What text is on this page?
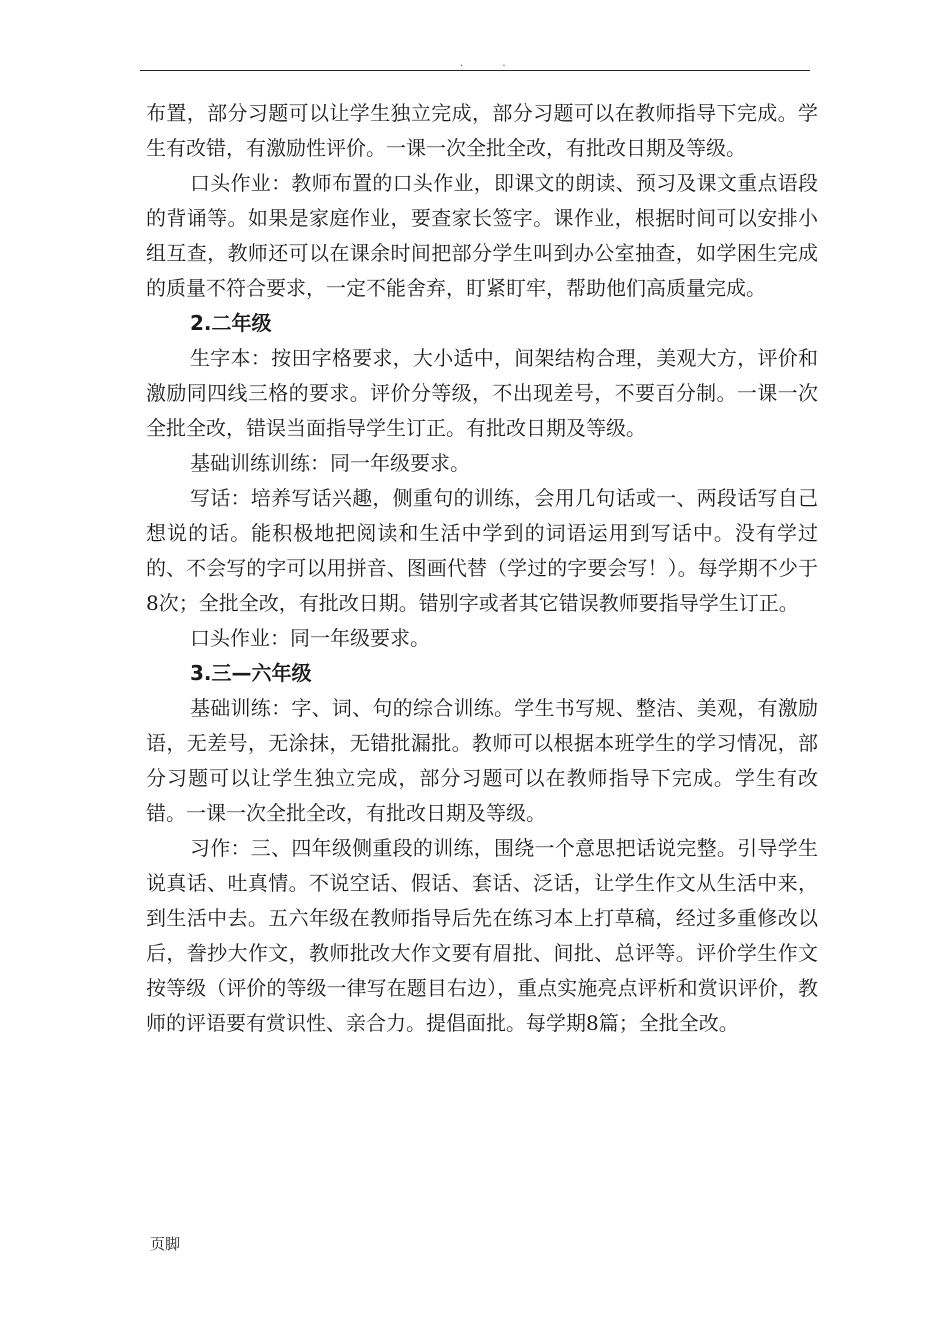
. .

布置，部分习题可以让学生独立完成，部分习题可以在教师指导下完成。学生有改错，有激励性评价。一课一次全批全改，有批改日期及等级。

口头作业：教师布置的口头作业，即课文的朗读、预习及课文重点语段的背诵等。如果是家庭作业，要查家长签字。课作业，根据时间可以安排小组互查，教师还可以在课余时间把部分学生叫到办公室抽查，如学困生完成的质量不符合要求，一定不能舍弃，盯紧盯牢，帮助他们高质量完成。

2.二年级

生字本：按田字格要求，大小适中，间架结构合理，美观大方，评价和激励同四线三格的要求。评价分等级，不出现差号，不要百分制。一课一次全批全改，错误当面指导学生订正。有批改日期及等级。

基础训练训练：同一年级要求。

写话：培养写话兴趣，侧重句的训练，会用几句话或一、两段话写自己想说的话。能积极地把阅读和生活中学到的词语运用到写话中。没有学过的、不会写的字可以用拼音、图画代替（学过的字要会写！）。每学期不少于8次；全批全改，有批改日期。错别字或者其它错误教师要指导学生订正。

口头作业：同一年级要求。

3.三—六年级

基础训练：字、词、句的综合训练。学生书写规、整洁、美观，有激励语，无差号，无涂抹，无错批漏批。教师可以根据本班学生的学习情况，部分习题可以让学生独立完成，部分习题可以在教师指导下完成。学生有改错。一课一次全批全改，有批改日期及等级。

习作：三、四年级侧重段的训练，围绕一个意思把话说完整。引导学生说真话、吐真情。不说空话、假话、套话、泛话，让学生作文从生活中来，到生活中去。五六年级在教师指导后先在练习本上打草稿，经过多重修改以后，誊抄大作文，教师批改大作文要有眉批、间批、总评等。评价学生作文按等级（评价的等级一律写在题目右边），重点实施亮点评析和赏识评价，教师的评语要有赏识性、亲合力。提倡面批。每学期8篇；全批全改。

页脚
